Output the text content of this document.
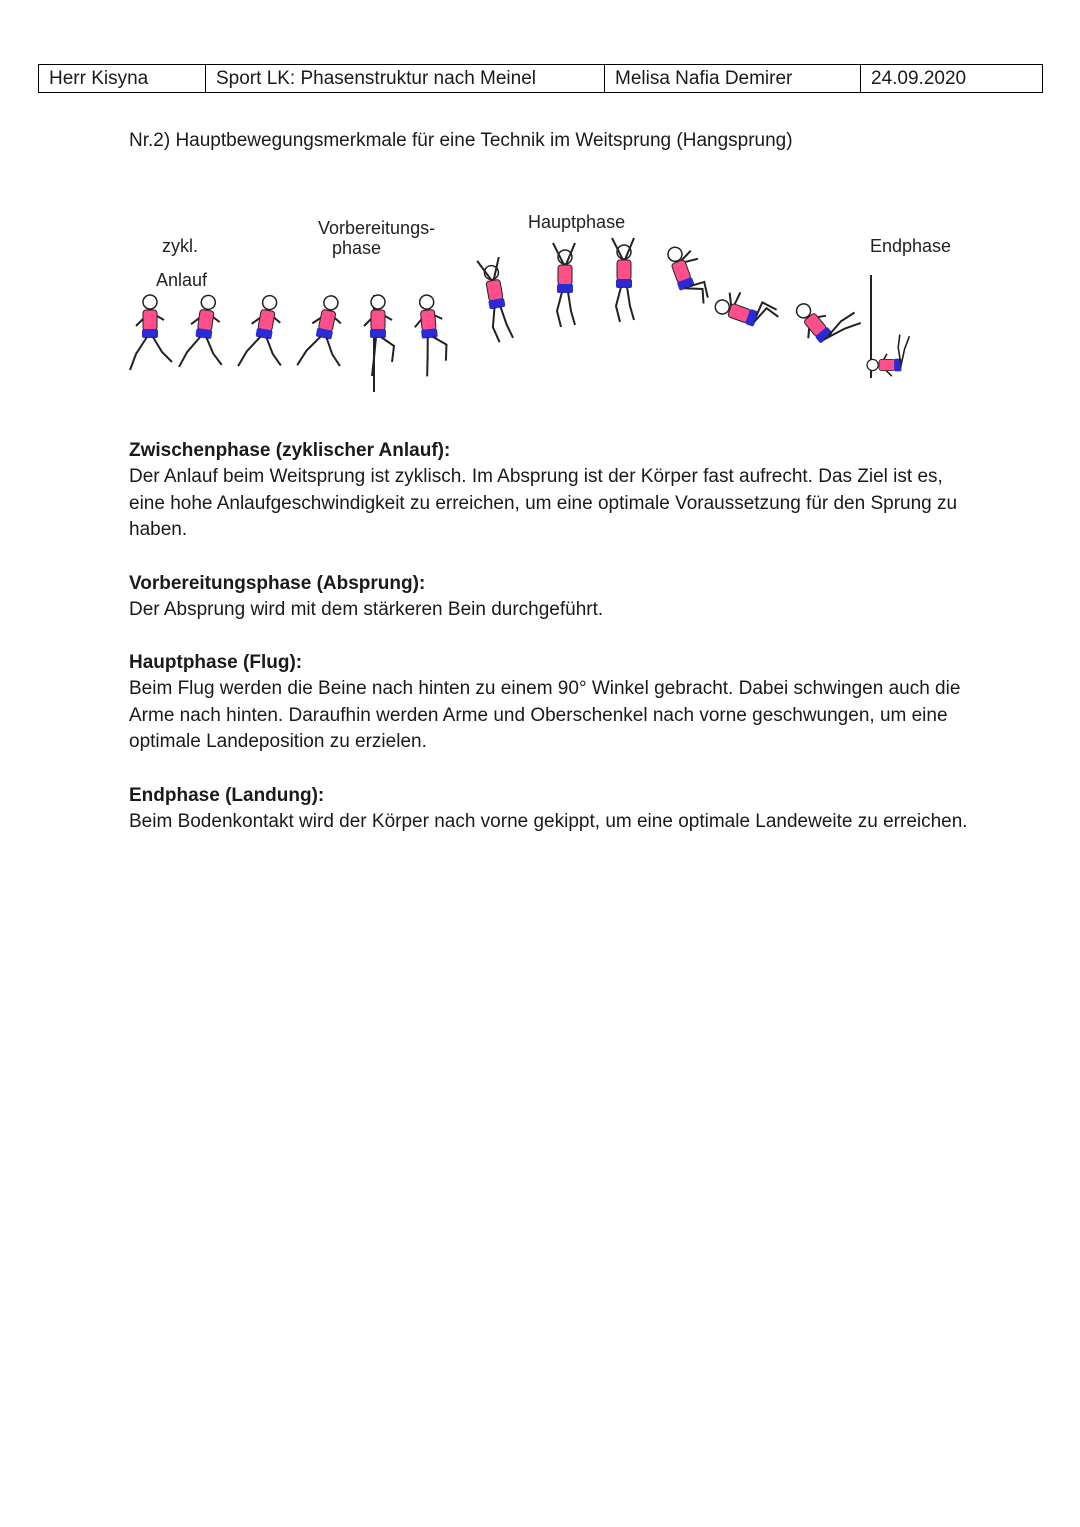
Herr Kisyna	Sport LK: Phasenstruktur nach Meinel	Melisa Nafia Demirer	24.09.2020
Nr.2) Hauptbewegungsmerkmale für eine Technik im Weitsprung (Hangsprung)
zykl.
Anlauf
Vorbereitungs-
phase
Hauptphase
Endphase
Zwischenphase (zyklischer Anlauf):

Der Anlauf beim Weitsprung ist zyklisch. Im Absprung ist der Körper fast aufrecht. Das Ziel ist es, eine hohe Anlaufgeschwindigkeit zu erreichen, um eine optimale Voraussetzung für den Sprung zu haben.

Vorbereitungsphase (Absprung):

Der Absprung wird mit dem stärkeren Bein durchgeführt.

Hauptphase (Flug):

Beim Flug werden die Beine nach hinten zu einem 90° Winkel gebracht. Dabei schwingen auch die Arme nach hinten. Daraufhin werden Arme und Oberschenkel nach vorne geschwungen, um eine optimale Landeposition zu erzielen.

Endphase (Landung):

Beim Bodenkontakt wird der Körper nach vorne gekippt, um eine optimale Landeweite zu erreichen.
